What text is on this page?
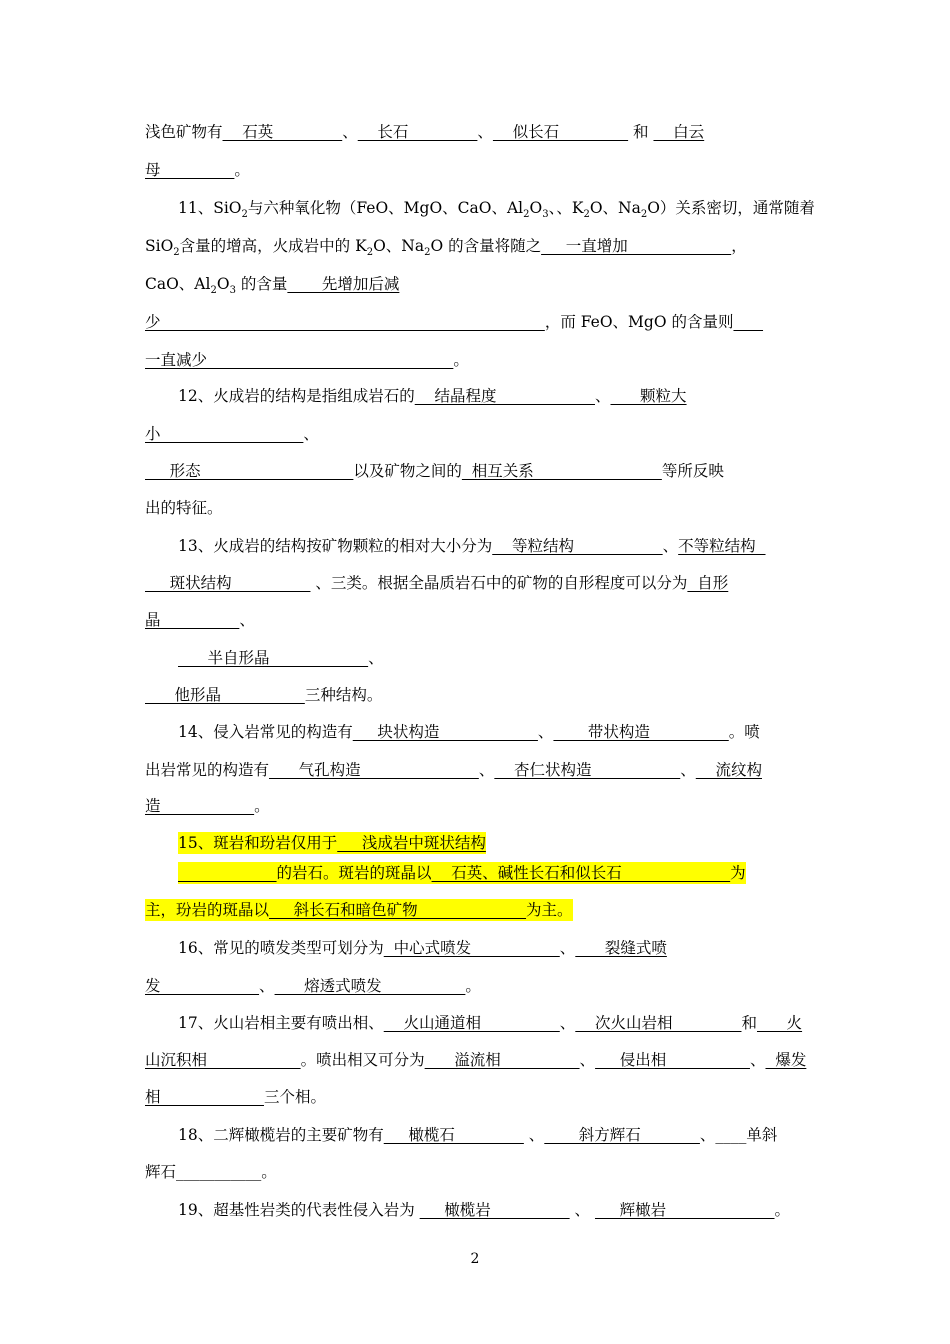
浅色矿物有    石英              、    长石              、    似长石               和     白云
母               。
11、SiO$_2$与六种氧化物（FeO、MgO、CaO、$Al_2O_3$、、$K_2O$、$Na_2O$）关系密切，通常随着
SiO$_2$含量的增高，火成岩中的 $K_2O$、$Na_2O$ 的含量将随之     一直增加                     ，
CaO、$Al_2O_3$ 的含量       先增加后减
少                                                                              ，而 FeO、MgO 的含量则
一直减少                                                  。
12、火成岩的结构是指组成岩石的    结晶程度                    、      颗粒大
小                             、
形态                               以及矿物之间的  相互关系                          等所反映
出的特征。
13、火成岩的结构按矿物颗粒的相对大小分为    等粒结构                  、不等粒结构
斑状结构                 、三类。根据全晶质岩石中的矿物的自形程度可以分为  自形
晶                、
半自形晶                    、
他形晶                 三种结构。
14、侵入岩常见的构造有     块状构造                    、       带状构造                。喷
出岩常见的构造有      气孔构造                        、    杏仁状构造                  、    流纹构
造                   。
15、斑岩和玢岩仅用于     浅成岩中斑状结构
的岩石。斑岩的斑晶以    石英、碱性长石和似长石                      为
主，玢岩的斑晶以     斜长石和暗色矿物                      为主。
16、常见的喷发类型可划分为  中心式喷发                  、      裂缝式喷
发                    、      熔透式喷发                 。
17、火山岩相主要有喷出相、    火山通道相                、    次火山岩相              和      火
山沉积相                   。喷出相又可分为      溢流相                、     侵出相                 、  爆发
相                     三个相。
18、二辉橄榄岩的主要矿物有     橄榄石               、       斜方辉石            、____单斜
辉石___________。
19、超基性岩类的代表性侵入岩为      橄榄岩                 、      辉橄岩                      。
2
